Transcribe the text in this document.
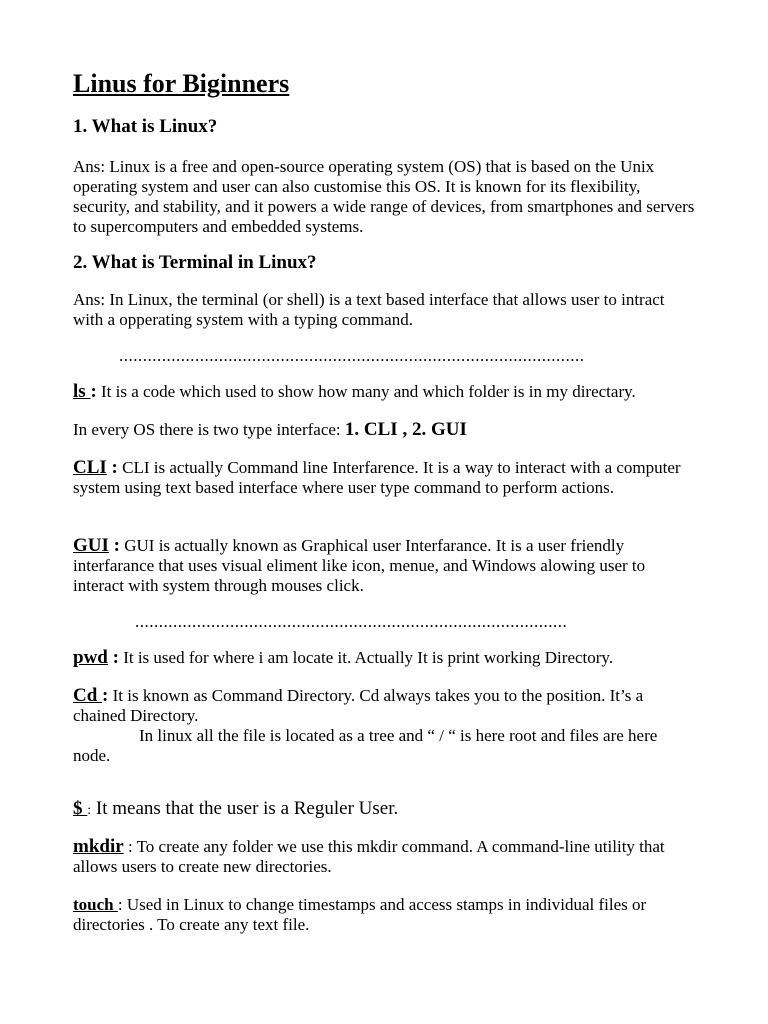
Linus for Biginners
1. What is Linux?

Ans: Linux is a free and open-source operating system (OS) that is based on the Unix operating system and user can also customise this OS. It is known for its flexibility, security, and stability, and it powers a wide range of devices, from smartphones and servers to supercomputers and embedded systems.

2. What is Terminal in Linux?

Ans: In Linux, the terminal (or shell) is a text based interface that allows user to intract with a opperating system with a typing command.

..................................................................................................

ls : It is a code which used to show how many and which folder is in my directary.

In every OS there is two type interface: 1. CLI , 2. GUI

CLI : CLI is actually Command line Interfarence. It is a way to interact with a computer system using text based interface where user type command to perform actions.

GUI : GUI is actually known as Graphical user Interfarance. It is a user friendly interfarance that uses visual eliment like icon, menue, and Windows alowing user to interact with system through mouses click.

...........................................................................................

pwd : It is used for where i am locate it. Actually It is print working Directory.

Cd : It is known as Command Directory. Cd always takes you to the position. It’s a chained Directory.

In linux all the file is located as a tree and “ / “ is here root and files are here node.

$ : It means that the user is a Reguler User.

mkdir : To create any folder we use this mkdir command. A command-line utility that allows users to create new directories.

touch : Used in Linux to change timestamps and access stamps in individual files or directories . To create any text file.
